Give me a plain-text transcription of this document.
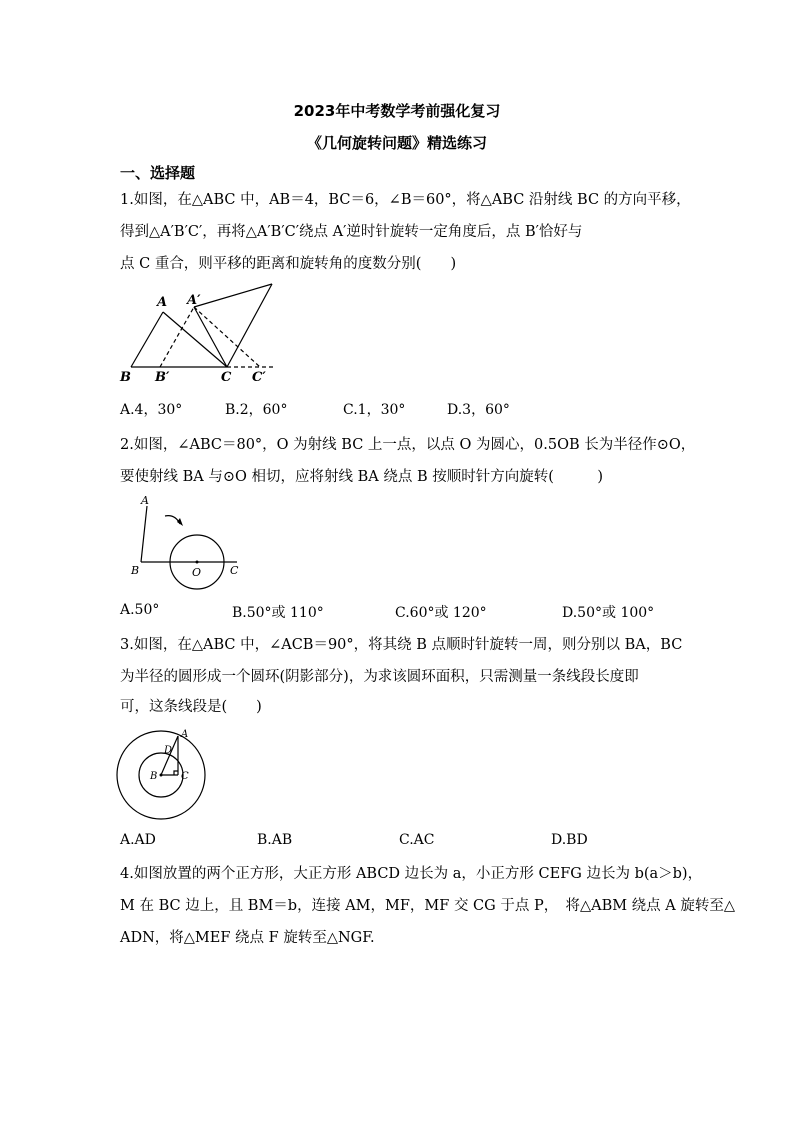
2023年中考数学考前强化复习
《几何旋转问题》精选练习
一、选择题
1.如图，在△ABC 中，AB＝4，BC＝6，∠B＝60°，将△ABC 沿射线 BC 的方向平移，
得到△A′B′C′，再将△A′B′C′绕点 A′逆时针旋转一定角度后，点 B′恰好与
点 C 重合，则平移的距离和旋转角的度数分别(　　)
A A′
B B′	C C′
A.4，30°	B.2，60°	C.1，30°	D.3，60°
2.如图，∠ABC＝80°，O 为射线 BC 上一点，以点 O 为圆心，0.5OB 长为半径作⊙O，
要使射线 BA 与⊙O 相切，应将射线 BA 绕点 B 按顺时针方向旋转(　　　)
A
B	O	C
A.50°	B.50°或 110°	C.60°或 120°	D.50°或 100°
3.如图，在△ABC 中，∠ACB＝90°，将其绕 B 点顺时针旋转一周，则分别以 BA，BC
为半径的圆形成一个圆环(阴影部分)，为求该圆环面积，只需测量一条线段长度即
可，这条线段是(　　)
A
D
B C
A.AD	B.AB	C.AC	D.BD
4.如图放置的两个正方形，大正方形 ABCD 边长为 a，小正方形 CEFG 边长为 b(a＞b)，
M 在 BC 边上，且 BM＝b，连接 AM，MF，MF 交 CG 于点 P，　将△ABM 绕点 A 旋转至△
ADN，将△MEF 绕点 F 旋转至△NGF.
